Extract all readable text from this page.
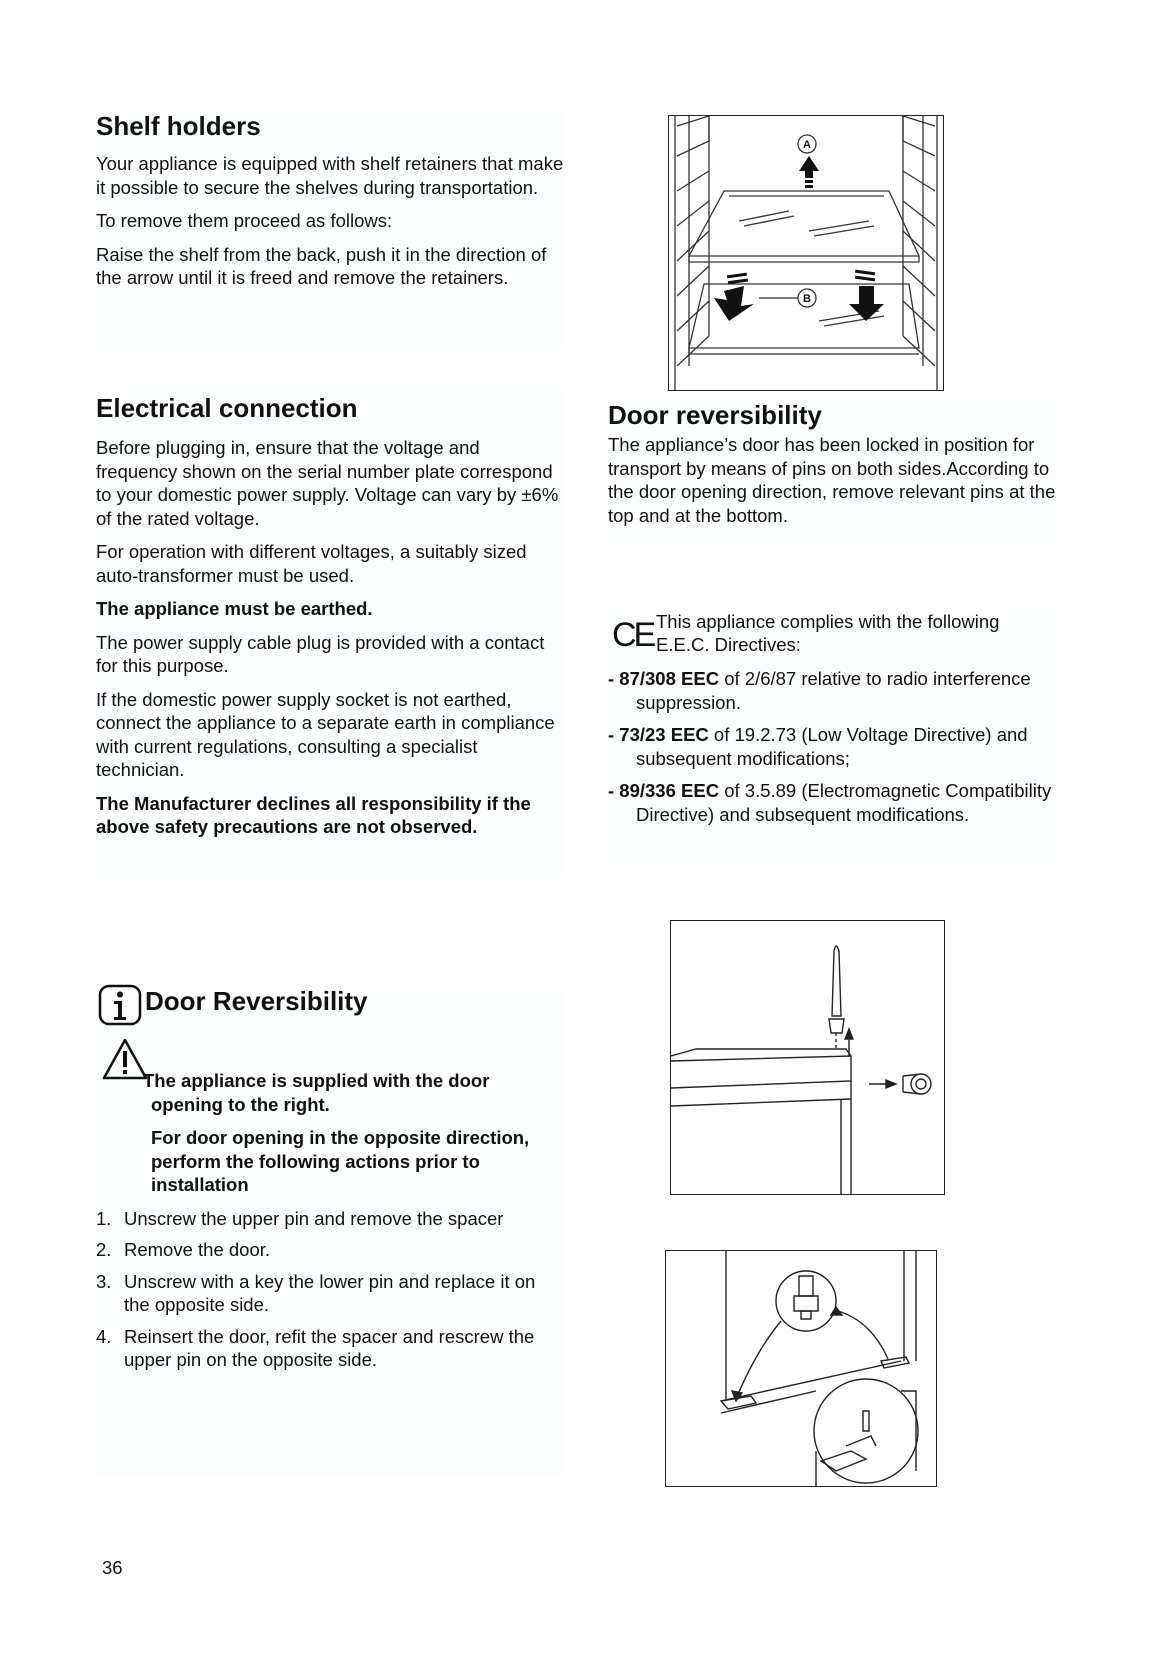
Shelf holders

Your appliance is equipped with shelf retainers that make it possible to secure the shelves during transportation.

To remove them proceed as follows:

Raise the shelf from the back, push it in the direction of the arrow until it is freed and remove the retainers.

Electrical connection

Before plugging in, ensure that the voltage and frequency shown on the serial number plate correspond to your domestic power supply. Voltage can vary by ±6% of the rated voltage.

For operation with different voltages, a suitably sized auto-transformer must be used.

The appliance must be earthed.

The power supply cable plug is provided with a contact for this purpose.

If the domestic power supply socket is not earthed, connect the appliance to a separate earth in compliance with current regulations, consulting a specialist technician.

The Manufacturer declines all responsibility if the above safety precautions are not observed.

Door Reversibility

The appliance is supplied with the door opening to the right.

For door opening in the opposite direction, perform the following actions prior to installation

1. Unscrew the upper pin and remove the spacer
2. Remove the door.
3. Unscrew with a key the lower pin and replace it on the opposite side.
4. Reinsert the door, refit the spacer and rescrew the upper pin on the opposite side.
36
A
B
Door reversibility

The appliance’s door has been locked in position for transport by means of pins on both sides.According to the door opening direction, remove relevant pins at the top and at the bottom.

CE This appliance complies with the following

E.E.C. Directives:

- 87/308 EEC of 2/6/87 relative to radio interference suppression.
- 73/23 EEC of 19.2.73 (Low Voltage Directive) and subsequent modifications;
- 89/336 EEC of 3.5.89 (Electromagnetic Compatibility Directive) and subsequent modifications.
